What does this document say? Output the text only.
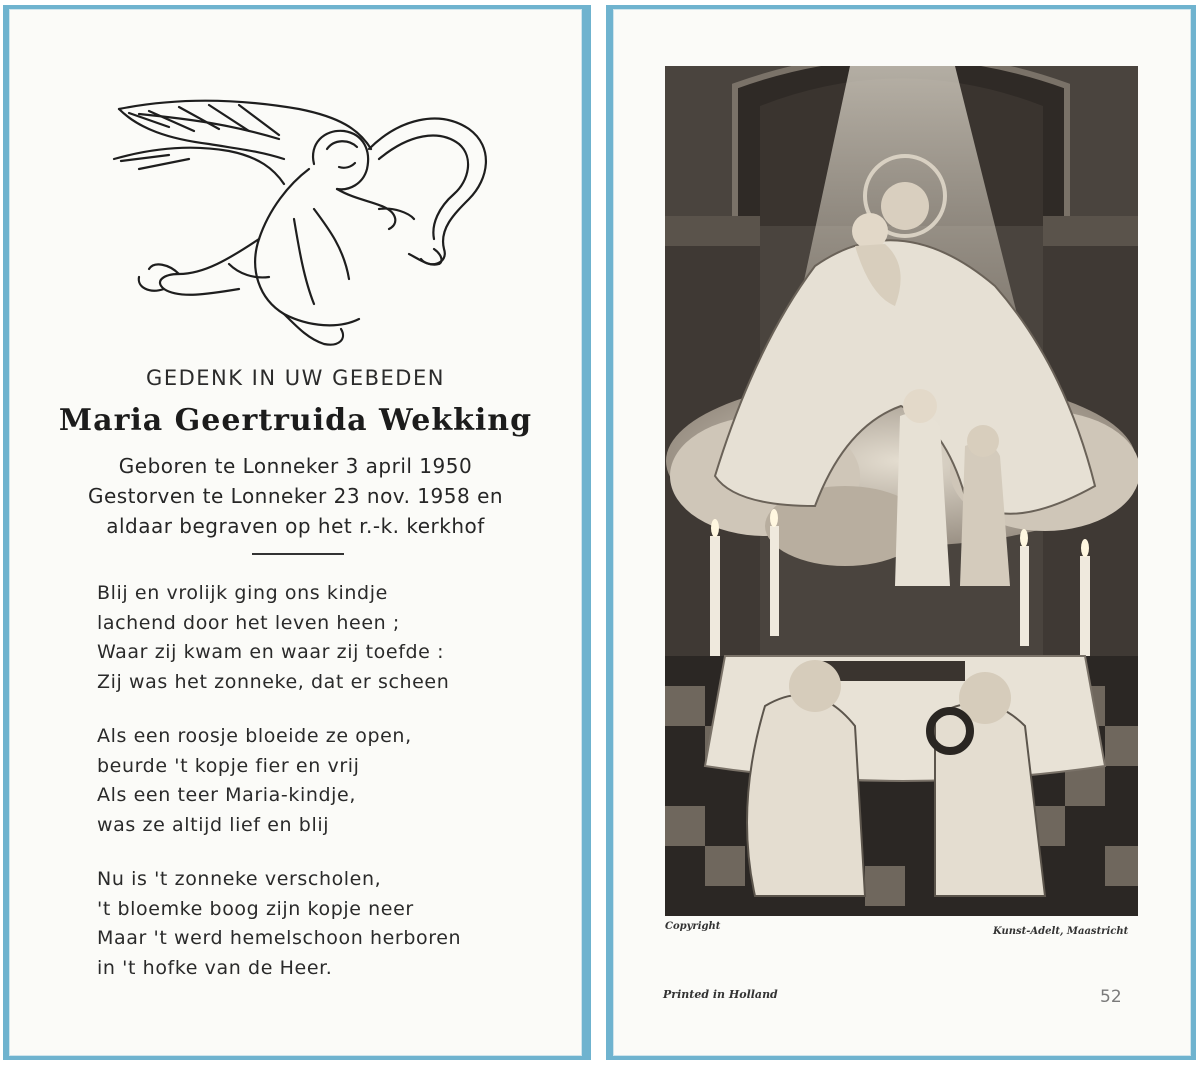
GEDENK IN UW GEBEDEN
Maria Geertruida Wekking
Geboren te Lonneker 3 april 1950
Gestorven te Lonneker 23 nov. 1958 en
aldaar begraven op het r.-k. kerkhof
Blij en vrolijk ging ons kindje
lachend door het leven heen ;
Waar zij kwam en waar zij toefde :
Zij was het zonneke, dat er scheen
Als een roosje bloeide ze open,
beurde 't kopje fier en vrij
Als een teer Maria-kindje,
was ze altijd lief en blij
Nu is 't zonneke verscholen,
't bloemke boog zijn kopje neer
Maar 't werd hemelschoon herboren
in 't hofke van de Heer.
Copyright	Kunst-Adelt, Maastricht
Printed in Holland	52
